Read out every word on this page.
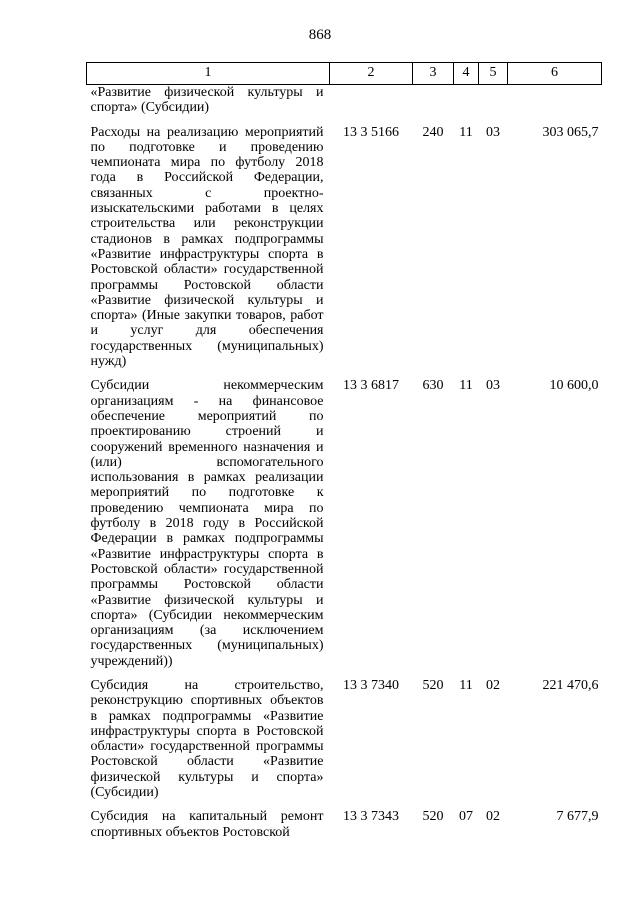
868
1	2	3	4	5	6
«Развитие физической культуры и спорта» (Субсидии)					
Расходы на реализацию мероприятий по подготовке и проведению чемпионата мира по футболу 2018 года в Российской Федерации, связанных с проектно-изыскательскими работами в целях строительства или реконструкции стадионов в рамках подпрограммы «Развитие инфраструктуры спорта в Ростовской области» государственной программы Ростовской области «Развитие физической культуры и спорта» (Иные закупки товаров, работ и услуг для обеспечения государственных (муниципальных) нужд)	13 3 5166	240	11	03	303 065,7
Субсидии некоммерческим организациям - на финансовое обеспечение мероприятий по проектированию строений и сооружений временного назначения и (или) вспомогательного использования в рамках реализации мероприятий по подготовке к проведению чемпионата мира по футболу в 2018 году в Российской Федерации в рамках подпрограммы «Развитие инфраструктуры спорта в Ростовской области» государственной программы Ростовской области «Развитие физической культуры и спорта» (Субсидии некоммерческим организациям (за исключением государственных (муниципальных) учреждений))	13 3 6817	630	11	03	10 600,0
Субсидия на строительство, реконструкцию спортивных объектов в рамках подпрограммы «Развитие инфраструктуры спорта в Ростовской области» государственной программы Ростовской области «Развитие физической культуры и спорта» (Субсидии)	13 3 7340	520	11	02	221 470,6
Субсидия на капитальный ремонт спортивных объектов Ростовской	13 3 7343	520	07	02	7 677,9
